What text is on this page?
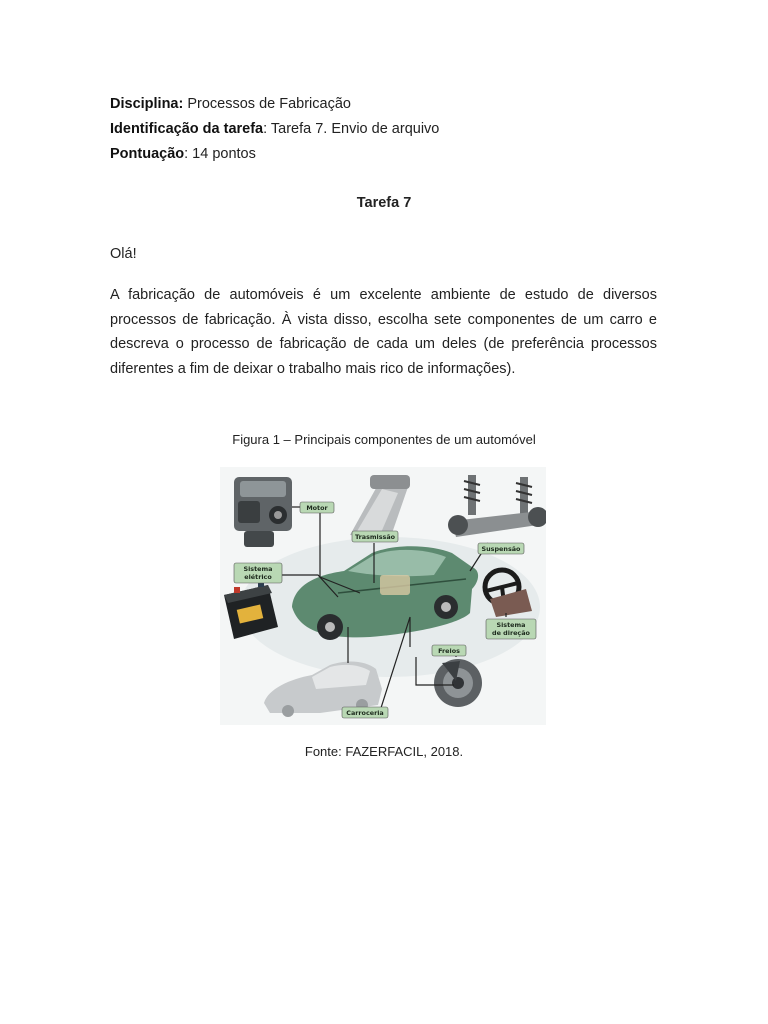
Disciplina: Processos de Fabricação
Identificação da tarefa: Tarefa 7. Envio de arquivo
Pontuação: 14 pontos
Tarefa 7
Olá!

A fabricação de automóveis é um excelente ambiente de estudo de diversos processos de fabricação. À vista disso, escolha sete componentes de um carro e descreva o processo de fabricação de cada um deles (de preferência processos diferentes a fim de deixar o trabalho mais rico de informações).

Figura 1 – Principais componentes de um automóvel
Motor
Trasmissão
Suspensão
Sistema
elétrico
Sistema
de direção
Freios
Carroceria
Fonte: FAZERFACIL, 2018.
